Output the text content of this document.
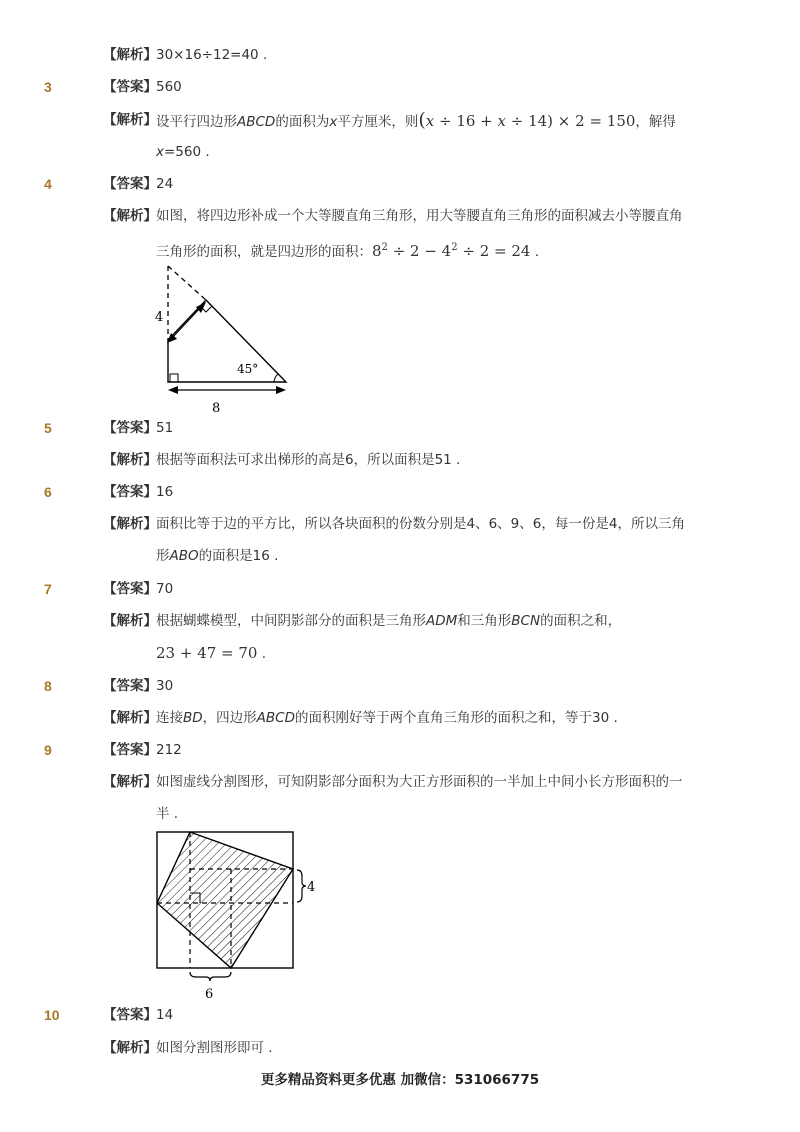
【解析】 30×16÷12=40 .
3	【答案】 560
【解析】 设平行四边形ABCD的面积为x平方厘米，则(x ÷ 16 + x ÷ 14) × 2 = 150，解得
x=560 .
4	【答案】 24
【解析】 如图，将四边形补成一个大等腰直角三角形，用大等腰直角三角形的面积减去小等腰直角
三角形的面积，就是四边形的面积：$8^2 \div 2 - 4^2 \div 2 = 24$ .
4
45°
8
5	【答案】 51
【解析】 根据等面积法可求出梯形的高是6，所以面积是51 .
6	【答案】 16
【解析】 面积比等于边的平方比，所以各块面积的份数分别是4、6、9、6，每一份是4，所以三角
形ABO的面积是16 .
7	【答案】 70
【解析】 根据蝴蝶模型，中间阴影部分的面积是三角形ADM和三角形BCN的面积之和，
23 + 47 = 70 .
8	【答案】 30
【解析】 连接BD，四边形ABCD的面积刚好等于两个直角三角形的面积之和，等于30 .
9	【答案】 212
【解析】 如图虚线分割图形，可知阴影部分面积为大正方形面积的一半加上中间小长方形面积的一
半 .
4
6
10	【答案】 14
【解析】 如图分割图形即可 .
更多精品资料更多优惠 加微信：531066775
